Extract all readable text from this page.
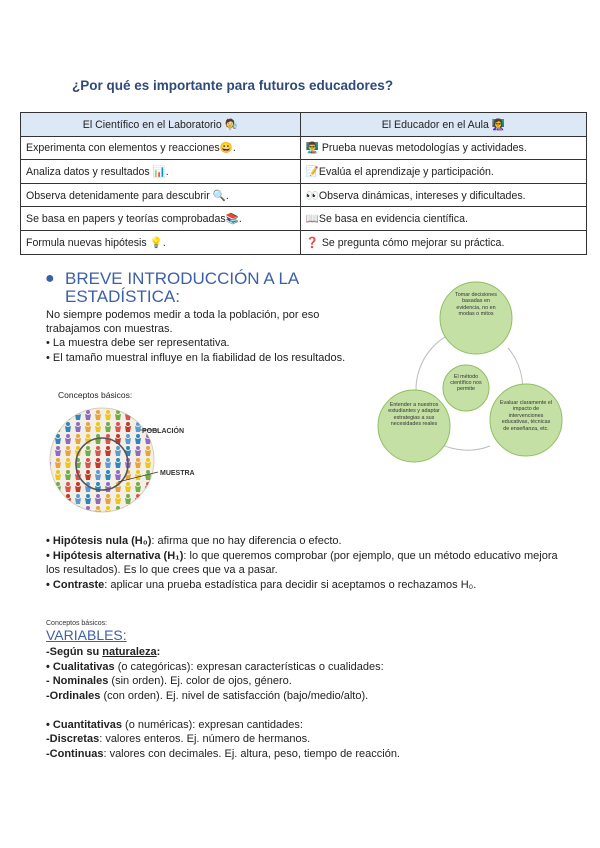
¿Por qué es importante para futuros educadores?
El Científico en el Laboratorio 🧑‍🔬	El Educador en el Aula 👩‍🏫
Experimenta con elementos y reacciones😀.	👨‍🏫 Prueba nuevas metodologías y actividades.
Analiza datos y resultados 📊.	📝Evalúa el aprendizaje y participación.
Observa detenidamente para descubrir 🔍.	👀Observa dinámicas, intereses y dificultades.
Se basa en papers y teorías comprobadas📚.	📖Se basa en evidencia científica.
Formula nuevas hipótesis 💡.	❓ Se pregunta cómo mejorar su práctica.
● BREVE INTRODUCCIÓN A LA ESTADÍSTICA:
No siempre podemos medir a toda la población, por eso trabajamos con muestras.
• La muestra debe ser representativa.
• El tamaño muestral influye en la fiabilidad de los resultados.
Conceptos básicos:
POBLACIÓN
MUESTRA
El método científico nos permite
Tomar decisiones basadas en evidencia, no en modas o mitos
Evaluar claramente el impacto de intervenciones educativas, técnicas de enseñanza, etc.
Entender a nuestros estudiantes y adaptar estrategias a sus necesidades reales
• Hipótesis nula (H₀): afirma que no hay diferencia o efecto.
• Hipótesis alternativa (H₁): lo que queremos comprobar (por ejemplo, que un método educativo mejora los resultados). Es lo que crees que va a pasar.
• Contraste: aplicar una prueba estadística para decidir si aceptamos o rechazamos H₀.
Conceptos básicos:
VARIABLES:
-Según su naturaleza:
• Cualitativas (o categóricas): expresan características o cualidades:
- Nominales (sin orden). Ej. color de ojos, género.
-Ordinales (con orden). Ej. nivel de satisfacción (bajo/medio/alto).
• Cuantitativas (o numéricas): expresan cantidades:
-Discretas: valores enteros. Ej. número de hermanos.
-Continuas: valores con decimales. Ej. altura, peso, tiempo de reacción.
